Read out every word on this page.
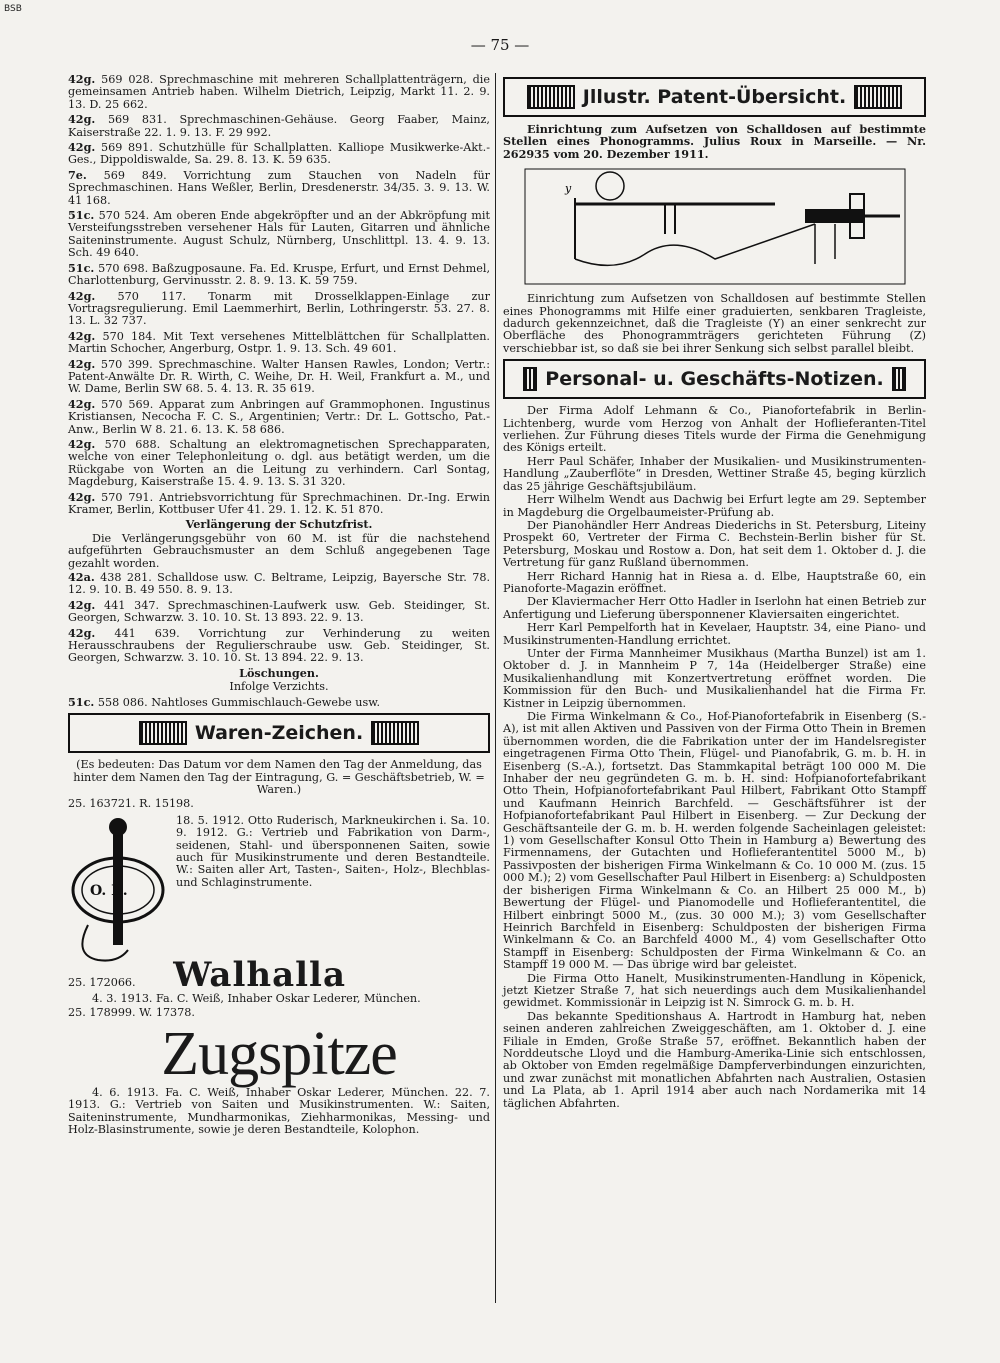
BSB
— 75 —
42g. 569 028. Sprechmaschine mit mehreren Schallplattenträgern, die gemeinsamen Antrieb haben. Wilhelm Dietrich, Leipzig, Markt 11. 2. 9. 13. D. 25 662.
42g. 569 831. Sprechmaschinen-Gehäuse. Georg Faaber, Mainz, Kaiserstraße 22. 1. 9. 13. F. 29 992.
42g. 569 891. Schutzhülle für Schallplatten. Kalliope Musikwerke-Akt.-Ges., Dippoldiswalde, Sa. 29. 8. 13. K. 59 635.
7e. 569 849. Vorrichtung zum Stauchen von Nadeln für Sprechmaschinen. Hans Weßler, Berlin, Dresdenerstr. 34/35. 3. 9. 13. W. 41 168.
51c. 570 524. Am oberen Ende abgekröpfter und an der Abkröpfung mit Versteifungsstreben versehener Hals für Lauten, Gitarren und ähnliche Saiteninstrumente. August Schulz, Nürnberg, Unschlittpl. 13. 4. 9. 13. Sch. 49 640.
51c. 570 698. Baßzugposaune. Fa. Ed. Kruspe, Erfurt, und Ernst Dehmel, Charlottenburg, Gervinusstr. 2. 8. 9. 13. K. 59 759.
42g. 570 117. Tonarm mit Drosselklappen-Einlage zur Vortragsregulierung. Emil Laemmerhirt, Berlin, Lothringerstr. 53. 27. 8. 13. L. 32 737.
42g. 570 184. Mit Text versehenes Mittelblättchen für Schallplatten. Martin Schocher, Angerburg, Ostpr. 1. 9. 13. Sch. 49 601.
42g. 570 399. Sprechmaschine. Walter Hansen Rawles, London; Vertr.: Patent-Anwälte Dr. R. Wirth, C. Weihe, Dr. H. Weil, Frankfurt a. M., und W. Dame, Berlin SW 68. 5. 4. 13. R. 35 619.
42g. 570 569. Apparat zum Anbringen auf Grammophonen. Ingustinus Kristiansen, Necocha F. C. S., Argentinien; Vertr.: Dr. L. Gottscho, Pat.-Anw., Berlin W 8. 21. 6. 13. K. 58 686.
42g. 570 688. Schaltung an elektromagnetischen Sprechapparaten, welche von einer Telephonleitung o. dgl. aus betätigt werden, um die Rückgabe von Worten an die Leitung zu verhindern. Carl Sontag, Magdeburg, Kaiserstraße 15. 4. 9. 13. S. 31 320.
42g. 570 791. Antriebsvorrichtung für Sprechmachinen. Dr.-Ing. Erwin Kramer, Berlin, Kottbuser Ufer 41. 29. 1. 12. K. 51 870.
Verlängerung der Schutzfrist.
Die Verlängerungsgebühr von 60 M. ist für die nachstehend aufgeführten Gebrauchsmuster an dem Schluß angegebenen Tage gezahlt worden.
42a. 438 281. Schalldose usw. C. Beltrame, Leipzig, Bayersche Str. 78. 12. 9. 10. B. 49 550. 8. 9. 13.
42g. 441 347. Sprechmaschinen-Laufwerk usw. Geb. Steidinger, St. Georgen, Schwarzw. 3. 10. 10. St. 13 893. 22. 9. 13.
42g. 441 639. Vorrichtung zur Verhinderung zu weiten Herausschraubens der Regulierschraube usw. Geb. Steidinger, St. Georgen, Schwarzw. 3. 10. 10. St. 13 894. 22. 9. 13.
Löschungen.
Infolge Verzichts.
51c. 558 086. Nahtloses Gummischlauch-Gewebe usw.
Waren-Zeichen.
(Es bedeuten: Das Datum vor dem Namen den Tag der Anmeldung, das hinter dem Namen den Tag der Eintragung, G. = Geschäftsbetrieb, W. = Waren.)
25. 163721. R. 15198.
O. R.
18. 5. 1912. Otto Ruderisch, Markneukirchen i. Sa. 10. 9. 1912. G.: Vertrieb und Fabrikation von Darm-, seidenen, Stahl- und übersponnenen Saiten, sowie auch für Musikinstrumente und deren Bestandteile. W.: Saiten aller Art, Tasten-, Saiten-, Holz-, Blechblas- und Schlaginstrumente.
25. 172066. Walhalla
4. 3. 1913. Fa. C. Weiß, Inhaber Oskar Lederer, München.
25. 178999. W. 17378.
Zugspitze
4. 6. 1913. Fa. C. Weiß, Inhaber Oskar Lederer, München. 22. 7. 1913. G.: Vertrieb von Saiten und Musikinstrumenten. W.: Saiten, Saiteninstrumente, Mundharmonikas, Ziehharmonikas, Messing- und Holz-Blasinstrumente, sowie je deren Bestandteile, Kolophon.
Jllustr. Patent-Übersicht.
Einrichtung zum Aufsetzen von Schalldosen auf bestimmte Stellen eines Phonogramms. Julius Roux in Marseille. — Nr. 262935 vom 20. Dezember 1911.
y
Einrichtung zum Aufsetzen von Schalldosen auf bestimmte Stellen eines Phonogramms mit Hilfe einer graduierten, senkbaren Tragleiste, dadurch gekennzeichnet, daß die Tragleiste (Y) an einer senkrecht zur Oberfläche des Phonogrammträgers gerichteten Führung (Z) verschiebbar ist, so daß sie bei ihrer Senkung sich selbst parallel bleibt.
Personal- u. Geschäfts-Notizen.
Der Firma Adolf Lehmann & Co., Pianofortefabrik in Berlin-Lichtenberg, wurde vom Herzog von Anhalt der Hoflieferanten-Titel verliehen. Zur Führung dieses Titels wurde der Firma die Genehmigung des Königs erteilt.
Herr Paul Schäfer, Inhaber der Musikalien- und Musikinstrumenten-Handlung „Zauberflöte“ in Dresden, Wettiner Straße 45, beging kürzlich das 25 jährige Geschäftsjubiläum.
Herr Wilhelm Wendt aus Dachwig bei Erfurt legte am 29. September in Magdeburg die Orgelbaumeister-Prüfung ab.
Der Pianohändler Herr Andreas Diederichs in St. Petersburg, Liteiny Prospekt 60, Vertreter der Firma C. Bechstein-Berlin bisher für St. Petersburg, Moskau und Rostow a. Don, hat seit dem 1. Oktober d. J. die Vertretung für ganz Rußland übernommen.
Herr Richard Hannig hat in Riesa a. d. Elbe, Hauptstraße 60, ein Pianoforte-Magazin eröffnet.
Der Klaviermacher Herr Otto Hadler in Iserlohn hat einen Betrieb zur Anfertigung und Lieferung übersponnener Klaviersaiten eingerichtet.
Herr Karl Pempelforth hat in Kevelaer, Hauptstr. 34, eine Piano- und Musikinstrumenten-Handlung errichtet.
Unter der Firma Mannheimer Musikhaus (Martha Bunzel) ist am 1. Oktober d. J. in Mannheim P 7, 14a (Heidelberger Straße) eine Musikalienhandlung mit Konzertvertretung eröffnet worden. Die Kommission für den Buch- und Musikalienhandel hat die Firma Fr. Kistner in Leipzig übernommen.
Die Firma Winkelmann & Co., Hof-Pianofortefabrik in Eisenberg (S.-A), ist mit allen Aktiven und Passiven von der Firma Otto Thein in Bremen übernommen worden, die die Fabrikation unter der im Handelsregister eingetragenen Firma Otto Thein, Flügel- und Pianofabrik, G. m. b. H. in Eisenberg (S.-A.), fortsetzt. Das Stammkapital beträgt 100 000 M. Die Inhaber der neu gegründeten G. m. b. H. sind: Hofpianofortefabrikant Otto Thein, Hofpianofortefabrikant Paul Hilbert, Fabrikant Otto Stampff und Kaufmann Heinrich Barchfeld. — Geschäftsführer ist der Hofpianofortefabrikant Paul Hilbert in Eisenberg. — Zur Deckung der Geschäftsanteile der G. m. b. H. werden folgende Sacheinlagen geleistet: 1) vom Gesellschafter Konsul Otto Thein in Hamburg a) Bewertung des Firmennamens, der Gutachten und Hoflieferantentitel 5000 M., b) Passivposten der bisherigen Firma Winkelmann & Co. 10 000 M. (zus. 15 000 M.); 2) vom Gesellschafter Paul Hilbert in Eisenberg: a) Schuldposten der bisherigen Firma Winkelmann & Co. an Hilbert 25 000 M., b) Bewertung der Flügel- und Pianomodelle und Hoflieferantentitel, die Hilbert einbringt 5000 M., (zus. 30 000 M.); 3) vom Gesellschafter Heinrich Barchfeld in Eisenberg: Schuldposten der bisherigen Firma Winkelmann & Co. an Barchfeld 4000 M., 4) vom Gesellschafter Otto Stampff in Eisenberg: Schuldposten der Firma Winkelmann & Co. an Stampff 19 000 M. — Das übrige wird bar geleistet.
Die Firma Otto Hanelt, Musikinstrumenten-Handlung in Köpenick, jetzt Kietzer Straße 7, hat sich neuerdings auch dem Musikalienhandel gewidmet. Kommissionär in Leipzig ist N. Simrock G. m. b. H.
Das bekannte Speditionshaus A. Hartrodt in Hamburg hat, neben seinen anderen zahlreichen Zweiggeschäften, am 1. Oktober d. J. eine Filiale in Emden, Große Straße 57, eröffnet. Bekanntlich haben der Norddeutsche Lloyd und die Hamburg-Amerika-Linie sich entschlossen, ab Oktober von Emden regelmäßige Dampferverbindungen einzurichten, und zwar zunächst mit monatlichen Abfahrten nach Australien, Ostasien und La Plata, ab 1. April 1914 aber auch nach Nordamerika mit 14 täglichen Abfahrten.
